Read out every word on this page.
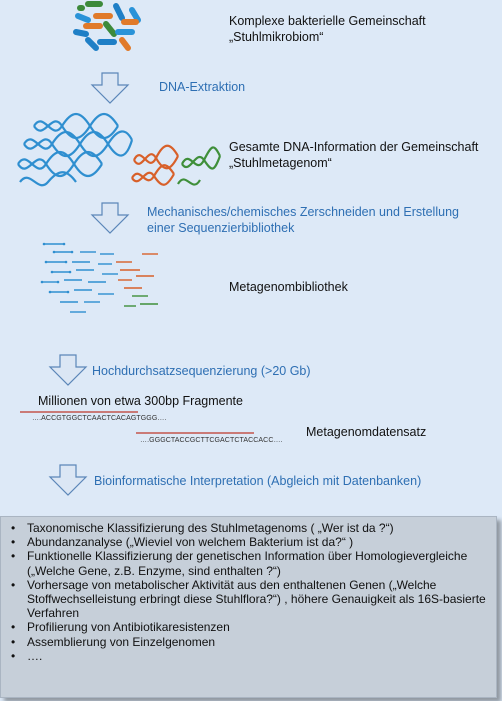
Komplexe bakterielle Gemeinschaft
„Stuhlmikrobiom“
DNA-Extraktion
Gesamte DNA-Information der Gemeinschaft
„Stuhlmetagenom“
Mechanisches/chemisches Zerschneiden und Erstellung
einer Sequenzierbibliothek
Metagenombibliothek
Hochdurchsatzsequenzierung (>20 Gb)
Millionen von etwa 300bp Fragmente
….ACCGTGGCTCAACTCACAGTGGG….
….GGGCTACCGCTTCGACTCTACCACC….
Metagenomdatensatz
Bioinformatische Interpretation (Abgleich mit Datenbanken)
• Taxonomische Klassifizierung des Stuhlmetagenoms ( „Wer ist da ?“)
• Abundanzanalyse („Wieviel von welchem Bakterium ist da?“ )
• Funktionelle Klassifizierung der genetischen Information über Homologievergleiche („Welche Gene, z.B. Enzyme, sind enthalten ?“)
• Vorhersage von metabolischer Aktivität aus den enthaltenen Genen („Welche Stoffwechselleistung erbringt diese Stuhlflora?“) , höhere Genauigkeit als 16S-basierte Verfahren
• Profilierung von Antibiotikaresistenzen
• Assemblierung von Einzelgenomen
• ….
